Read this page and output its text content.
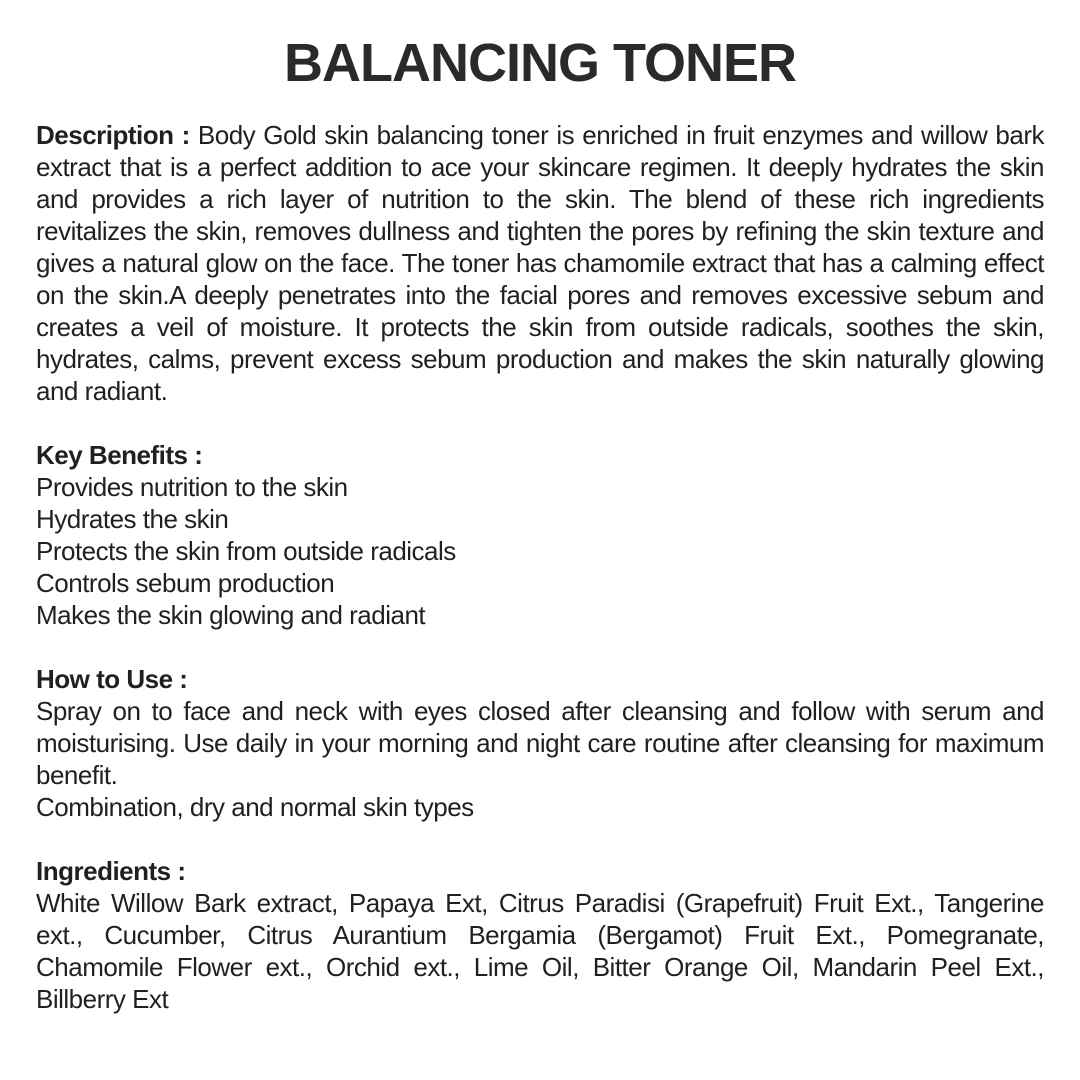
BALANCING TONER

Description : Body Gold skin balancing toner is enriched in fruit enzymes and willow bark extract that is a perfect addition to ace your skincare regimen. It deeply hydrates the skin and provides a rich layer of nutrition to the skin. The blend of these rich ingredients revitalizes the skin, removes dullness and tighten the pores by refining the skin texture and gives a natural glow on the face. The toner has chamomile extract that has a calming effect on the skin.A deeply penetrates into the facial pores and removes excessive sebum and creates a veil of moisture. It protects the skin from outside radicals, soothes the skin, hydrates, calms, prevent excess sebum production and makes the skin naturally glowing and radiant.

Key Benefits :
Provides nutrition to the skin
Hydrates the skin
Protects the skin from outside radicals
Controls sebum production
Makes the skin glowing and radiant
How to Use :

Spray on to face and neck with eyes closed after cleansing and follow with serum and moisturising. Use daily in your morning and night care routine after cleansing for maximum benefit.

Combination, dry and normal skin types
Ingredients :

White Willow Bark extract, Papaya Ext, Citrus Paradisi (Grapefruit) Fruit Ext., Tangerine ext., Cucumber, Citrus Aurantium Bergamia (Bergamot) Fruit Ext., Pomegranate, Chamomile Flower ext., Orchid ext., Lime Oil, Bitter Orange Oil, Mandarin Peel Ext., Billberry Ext
